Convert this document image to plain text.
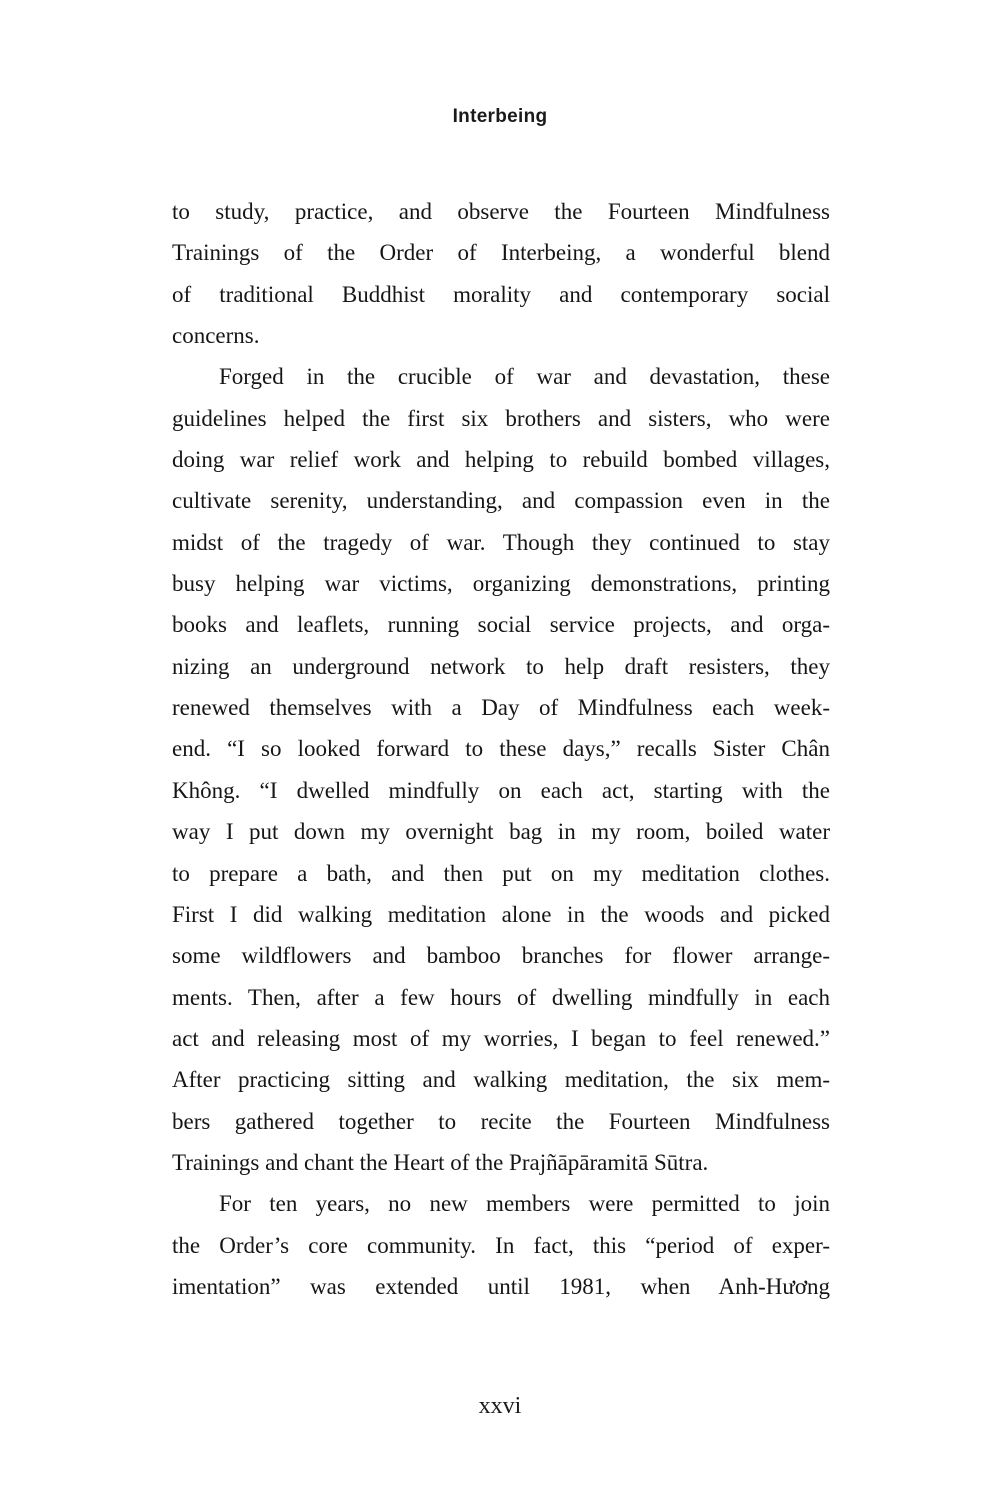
Interbeing
to study, practice, and observe the Fourteen Mindfulness
Trainings of the Order of Interbeing, a wonderful blend
of traditional Buddhist morality and contemporary social
concerns.
Forged in the crucible of war and devastation, these
guidelines helped the first six brothers and sisters, who were
doing war relief work and helping to rebuild bombed villages,
cultivate serenity, understanding, and compassion even in the
midst of the tragedy of war. Though they continued to stay
busy helping war victims, organizing demonstrations, printing
books and leaflets, running social service projects, and orga-
nizing an underground network to help draft resisters, they
renewed themselves with a Day of Mindfulness each week-
end. “I so looked forward to these days,” recalls Sister Chân
Không. “I dwelled mindfully on each act, starting with the
way I put down my overnight bag in my room, boiled water
to prepare a bath, and then put on my meditation clothes.
First I did walking meditation alone in the woods and picked
some wildflowers and bamboo branches for flower arrange-
ments. Then, after a few hours of dwelling mindfully in each
act and releasing most of my worries, I began to feel renewed.”
After practicing sitting and walking meditation, the six mem-
bers gathered together to recite the Fourteen Mindfulness
Trainings and chant the Heart of the Prajñāpāramitā Sūtra.
For ten years, no new members were permitted to join
the Order’s core community. In fact, this “period of exper-
imentation” was extended until 1981, when Anh-Hương
xxvi
